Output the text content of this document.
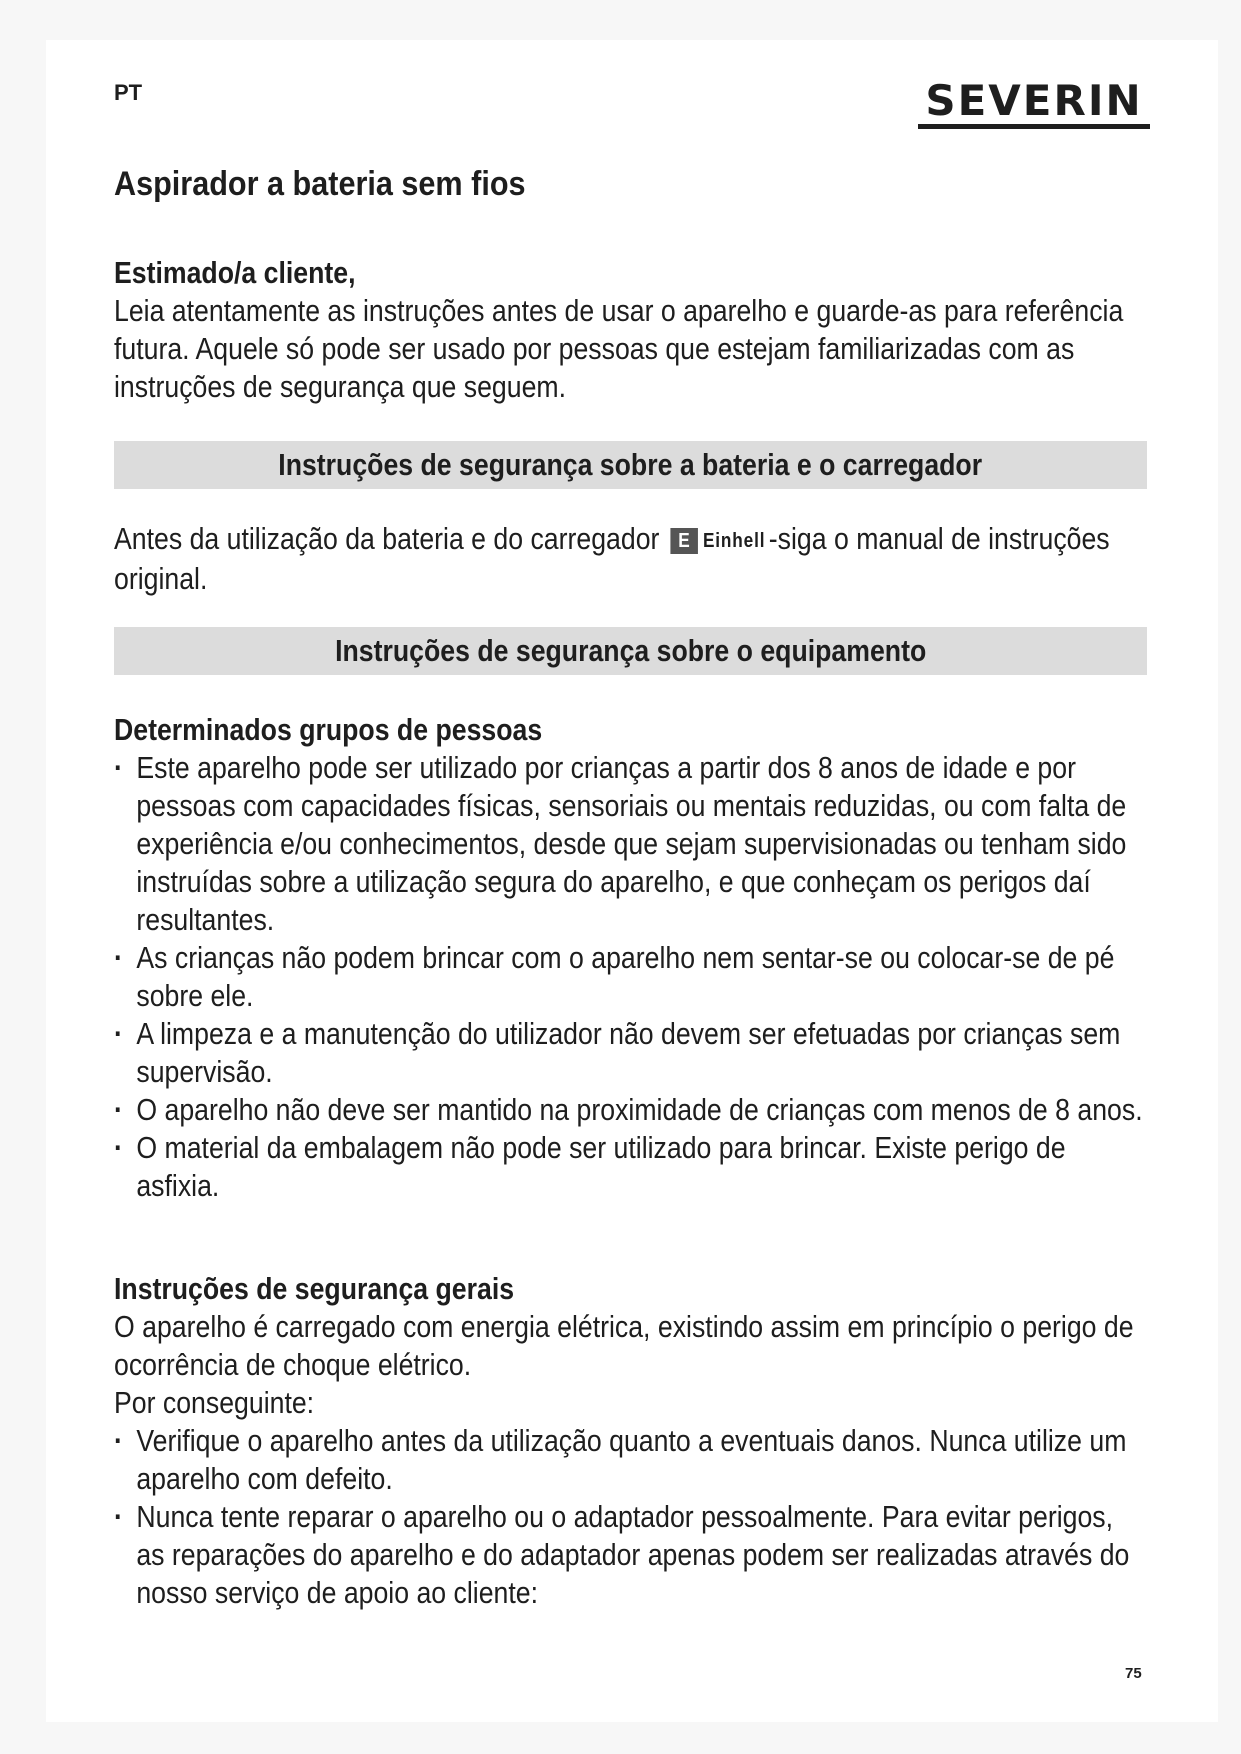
PT	SEVERIN
Aspirador a bateria sem fios
Estimado/a cliente,
Leia atentamente as instruções antes de usar o aparelho e guarde-as para referência futura. Aquele só pode ser usado por pessoas que estejam familiarizadas com as instruções de segurança que seguem.
Instruções de segurança sobre a bateria e o carregador
Antes da utilização da bateria e do carregador E Einhell -siga o manual de instruções original.
Instruções de segurança sobre o equipamento
Determinados grupos de pessoas
· Este aparelho pode ser utilizado por crianças a partir dos 8 anos de idade e por pessoas com capacidades físicas, sensoriais ou mentais reduzidas, ou com falta de experiência e/ou conhecimentos, desde que sejam supervisionadas ou tenham sido instruídas sobre a utilização segura do aparelho, e que conheçam os perigos daí resultantes.
· As crianças não podem brincar com o aparelho nem sentar-se ou colocar-se de pé sobre ele.
· A limpeza e a manutenção do utilizador não devem ser efetuadas por crianças sem supervisão.
· O aparelho não deve ser mantido na proximidade de crianças com menos de 8 anos.
· O material da embalagem não pode ser utilizado para brincar. Existe perigo de asfixia.
Instruções de segurança gerais
O aparelho é carregado com energia elétrica, existindo assim em princípio o perigo de ocorrência de choque elétrico.
Por conseguinte:
· Verifique o aparelho antes da utilização quanto a eventuais danos. Nunca utilize um aparelho com defeito.
· Nunca tente reparar o aparelho ou o adaptador pessoalmente. Para evitar perigos, as reparações do aparelho e do adaptador apenas podem ser realizadas através do nosso serviço de apoio ao cliente:
75
